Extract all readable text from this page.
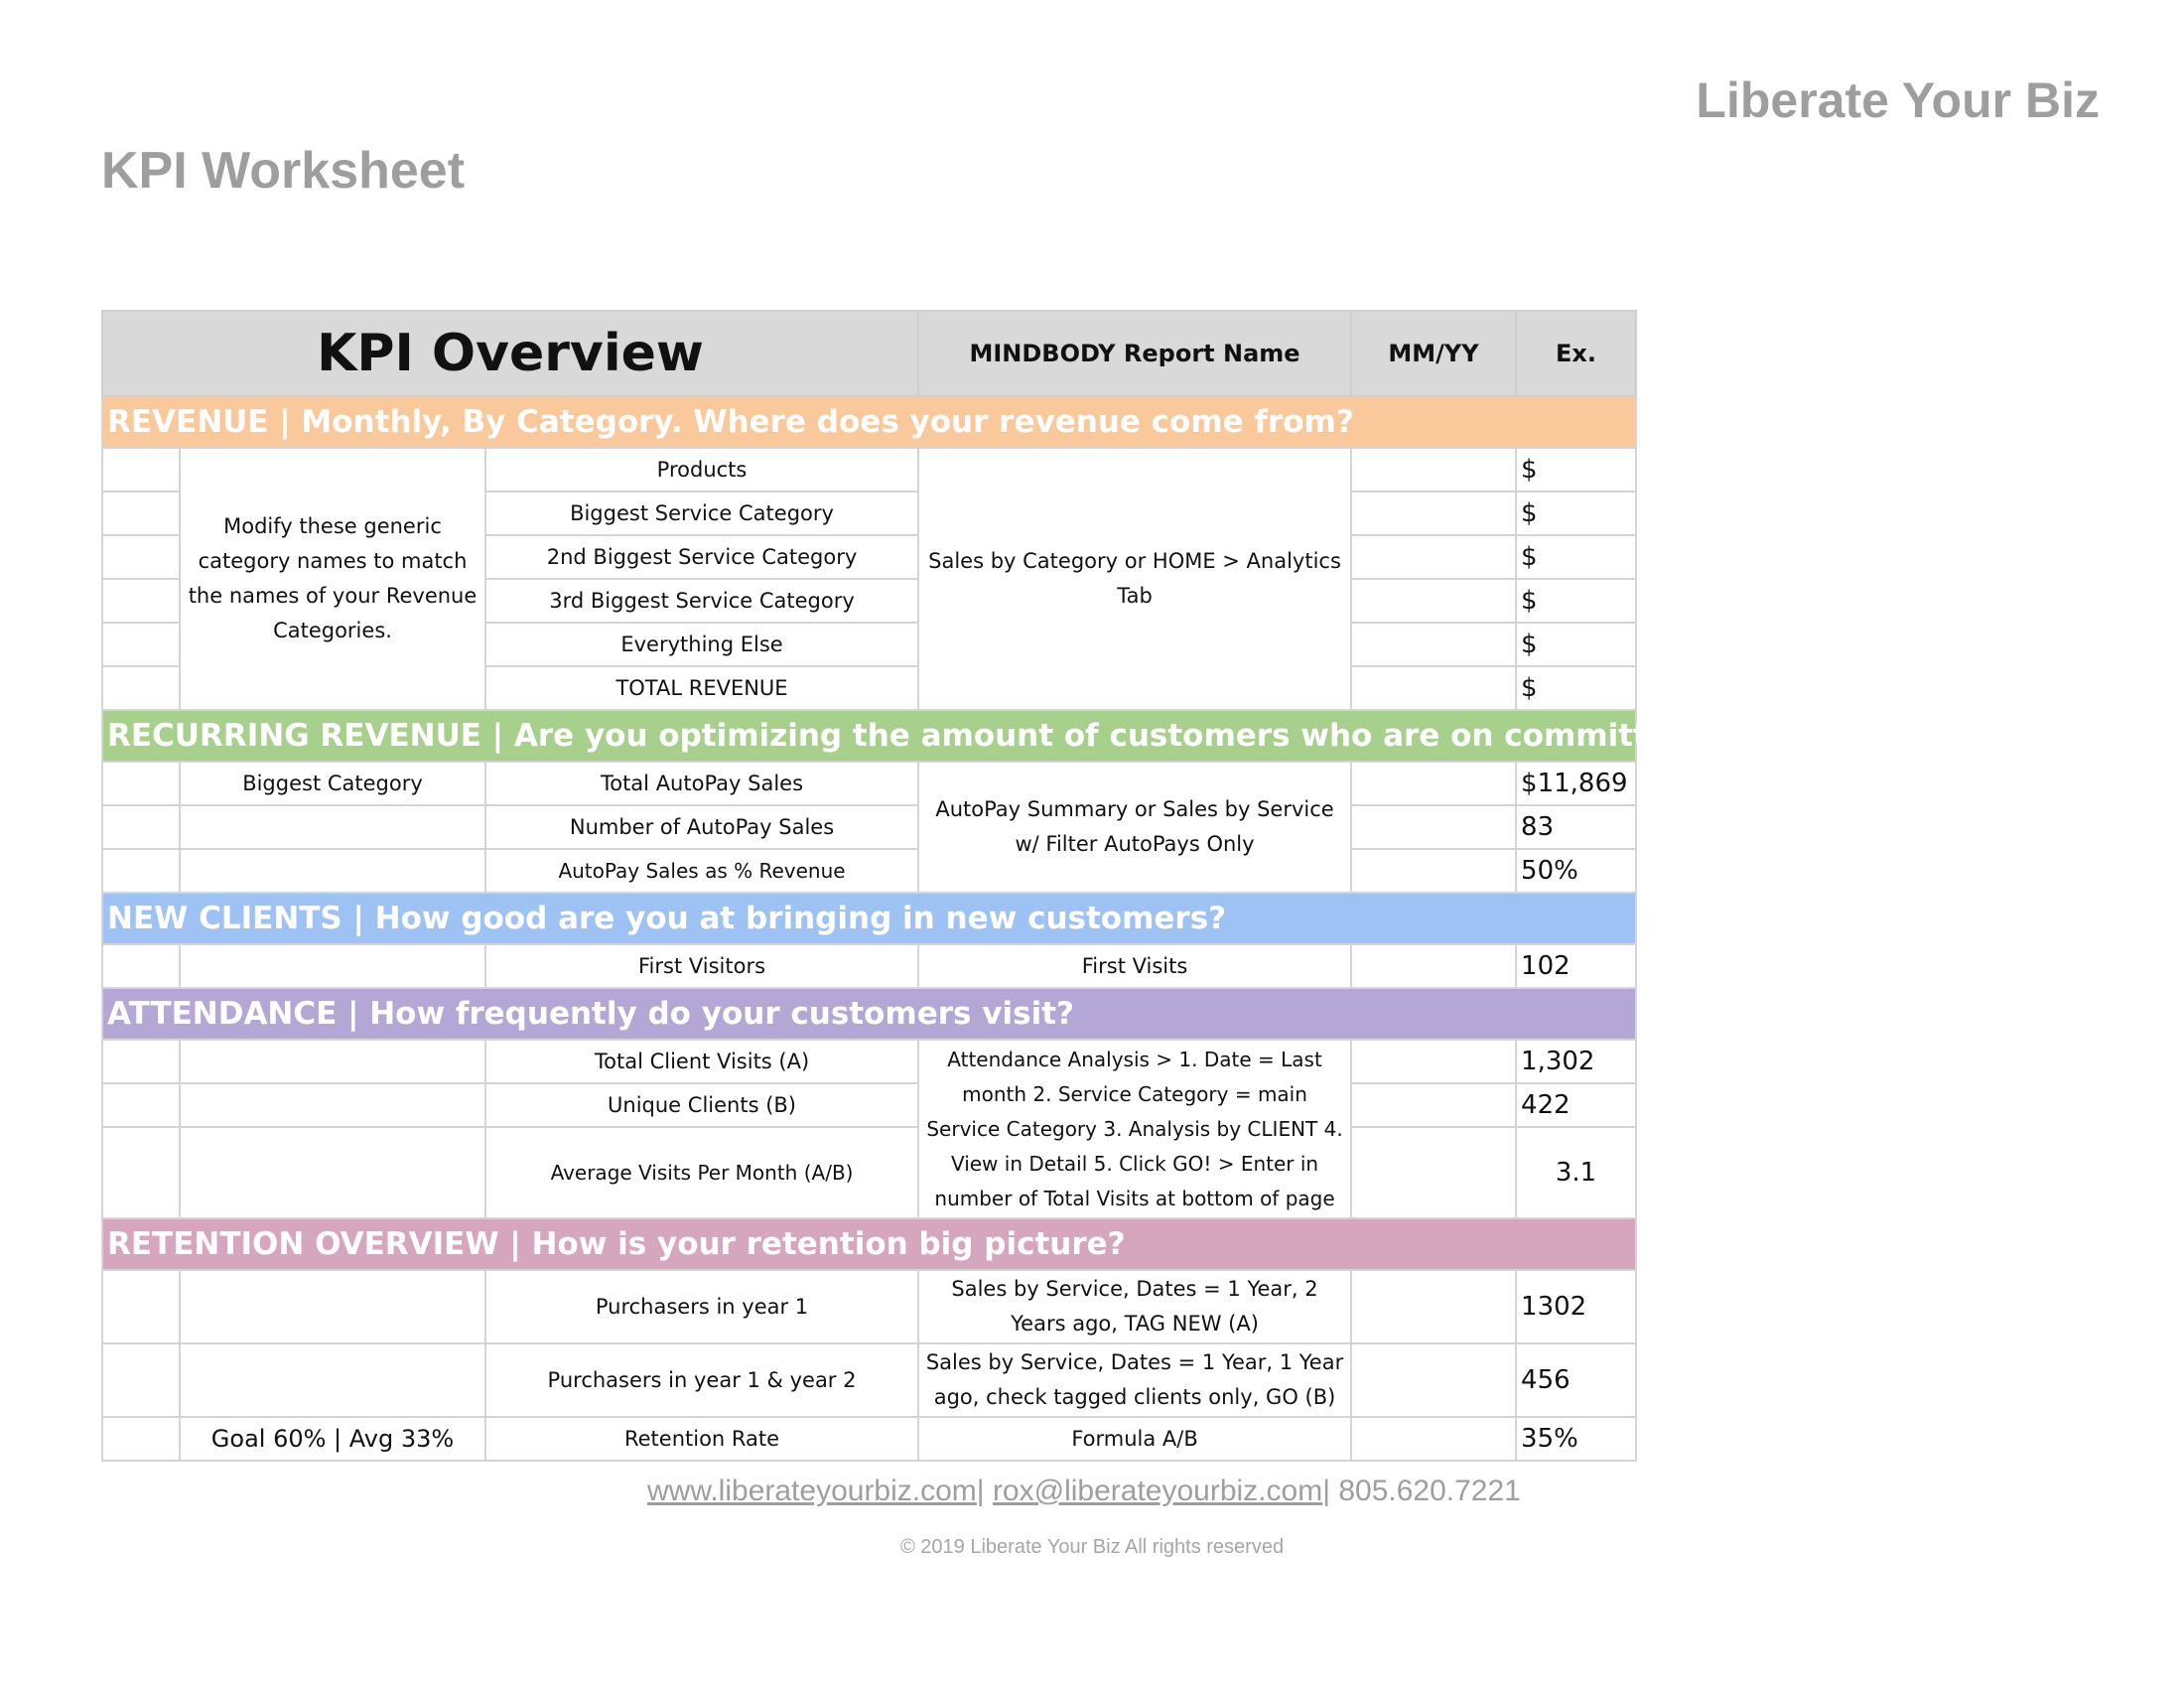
Liberate Your Biz
KPI Worksheet
KPI Overview			MINDBODY Report Name	MM/YY	Ex.
REVENUE | Monthly, By Category. Where does your revenue come from?					
	Modify these generic category names to match the names of your Revenue Categories.	Products	Sales by Category or HOME > Analytics Tab		$
		Biggest Service Category			$
		2nd Biggest Service Category			$
		3rd Biggest Service Category			$
		Everything Else			$
		TOTAL REVENUE			$
RECURRING REVENUE | Are you optimizing the amount of customers who are on committed options?					
	Biggest Category	Total AutoPay Sales	AutoPay Summary or Sales by Service w/ Filter AutoPays Only		$11,869
		Number of AutoPay Sales			83
		AutoPay Sales as % Revenue			50%
NEW CLIENTS | How good are you at bringing in new customers?					
		First Visitors	First Visits		102
ATTENDANCE | How frequently do your customers visit?					
		Total Client Visits (A)	Attendance Analysis > 1. Date = Last month 2. Service Category = main Service Category 3. Analysis by CLIENT 4. View in Detail 5. Click GO! > Enter in number of Total Visits at bottom of page		1,302
		Unique Clients (B)			422
		Average Visits Per Month (A/B)			3.1
RETENTION OVERVIEW | How is your retention big picture?					
		Purchasers in year 1	Sales by Service, Dates = 1 Year, 2 Years ago, TAG NEW (A)		1302
		Purchasers in year 1 & year 2	Sales by Service, Dates = 1 Year, 1 Year ago, check tagged clients only, GO (B)		456
	Goal 60% | Avg 33%	Retention Rate	Formula A/B		35%
www.liberateyourbiz.com| rox@liberateyourbiz.com| 805.620.7221
© 2019 Liberate Your Biz All rights reserved
